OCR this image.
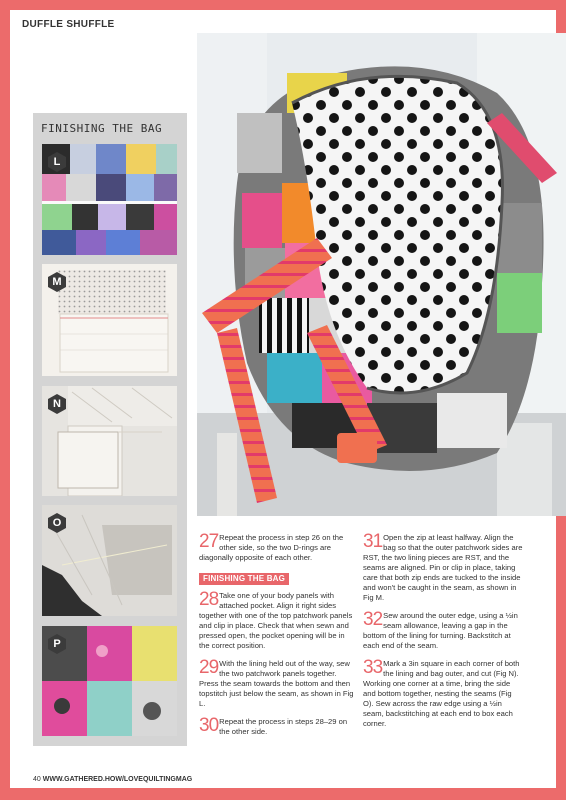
DUFFLE SHUFFLE
FINISHING THE BAG
L
M
N
O
P
27 Repeat the process in step 26 on the other side, so the two D-rings are diagonally opposite of each other.
FINISHING THE BAG
28 Take one of your body panels with attached pocket. Align it right sides together with one of the top patchwork panels and clip in place. Check that when sewn and pressed open, the pocket opening will be in the correct position.
29 With the lining held out of the way, sew the two patchwork panels together. Press the seam towards the bottom and then topstitch just below the seam, as shown in Fig L.
30 Repeat the process in steps 28–29 on the other side.
31 Open the zip at least halfway. Align the bag so that the outer patchwork sides are RST, the two lining pieces are RST, and the seams are aligned. Pin or clip in place, taking care that both zip ends are tucked to the inside and won't be caught in the seam, as shown in Fig M.
32 Sew around the outer edge, using a ½in seam allowance, leaving a gap in the bottom of the lining for turning. Backstitch at each end of the seam.
33 Mark a 3in square in each corner of both the lining and bag outer, and cut (Fig N). Working one corner at a time, bring the side and bottom together, nesting the seams (Fig O). Sew across the raw edge using a ½in seam, backstitching at each end to box each corner.
40 WWW.GATHERED.HOW/LOVEQUILTINGMAG	PassionForum.ru
